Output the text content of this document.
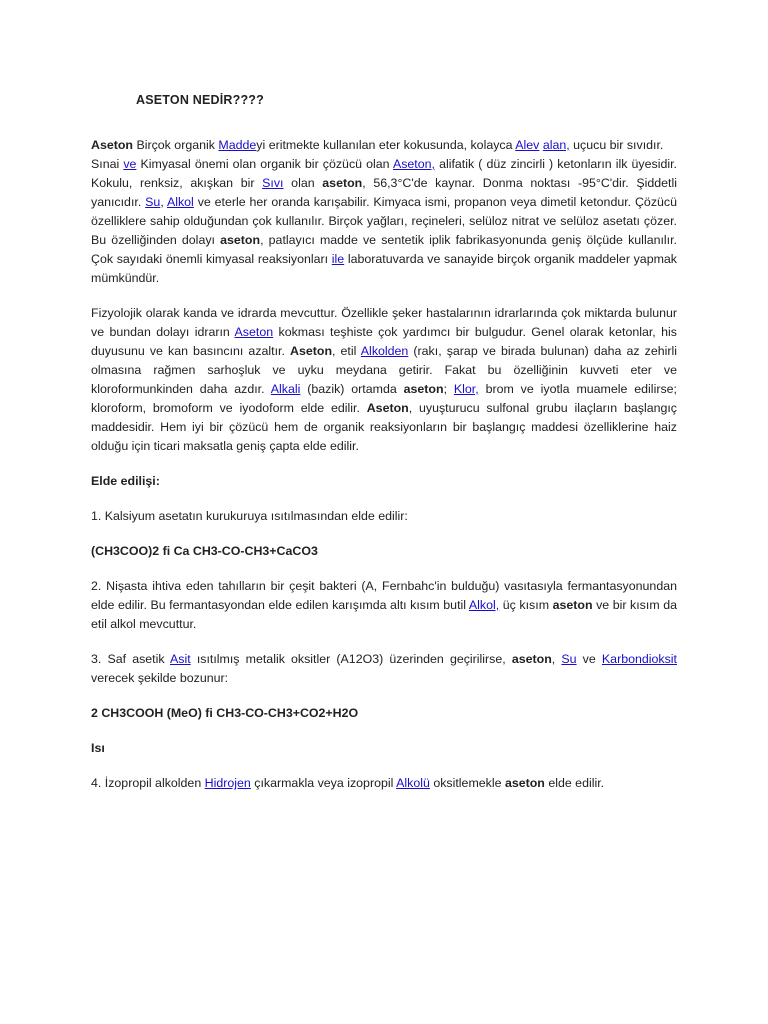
ASETON NEDİR????

Aseton Birçok organik Maddeyi eritmekte kullanılan eter kokusunda, kolayca Alev alan, uçucu bir sıvıdır.

Sınai ve Kimyasal önemi olan organik bir çözücü olan Aseton, alifatik ( düz zincirli ) ketonların ilk üyesidir. Kokulu, renksiz, akışkan bir Sıvı olan aseton, 56,3°C'de kaynar. Donma noktası -95°C'dir. Şiddetli yanıcıdır. Su, Alkol ve eterle her oranda karışabilir. Kimyaca ismi, propanon veya dimetil ketondur. Çözücü özelliklere sahip olduğundan çok kullanılır. Birçok yağları, reçineleri, selüloz nitrat ve selüloz asetatı çözer. Bu özelliğinden dolayı aseton, patlayıcı madde ve sentetik iplik fabrikasyonunda geniş ölçüde kullanılır. Çok sayıdaki önemli kimyasal reaksiyonları ile laboratuvarda ve sanayide birçok organik maddeler yapmak mümkündür.

Fizyolojik olarak kanda ve idrarda mevcuttur. Özellikle şeker hastalarının idrarlarında çok miktarda bulunur ve bundan dolayı idrarın Aseton kokması teşhiste çok yardımcı bir bulgudur. Genel olarak ketonlar, his duyusunu ve kan basıncını azaltır. Aseton, etil Alkolden (rakı, şarap ve birada bulunan) daha az zehirli olmasına rağmen sarhoşluk ve uyku meydana getirir. Fakat bu özelliğinin kuvveti eter ve kloroformunkinden daha azdır. Alkali (bazik) ortamda aseton; Klor, brom ve iyotla muamele edilirse; kloroform, bromoform ve iyodoform elde edilir. Aseton, uyuşturucu sulfonal grubu ilaçların başlangıç maddesidir. Hem iyi bir çözücü hem de organik reaksiyonların bir başlangıç maddesi özelliklerine haiz olduğu için ticari maksatla geniş çapta elde edilir.

Elde edilişi:

1. Kalsiyum asetatın kurukuruya ısıtılmasından elde edilir:

(CH3COO)2 fi Ca CH3-CO-CH3+CaCO3

2. Nişasta ihtiva eden tahılların bir çeşit bakteri (A, Fernbahc'in bulduğu) vasıtasıyla fermantasyonundan elde edilir. Bu fermantasyondan elde edilen karışımda altı kısım butil Alkol, üç kısım aseton ve bir kısım da etil alkol mevcuttur.

3. Saf asetik Asit ısıtılmış metalik oksitler (A12O3) üzerinden geçirilirse, aseton, Su ve Karbondioksit verecek şekilde bozunur:

2 CH3COOH (MeO) fi CH3-CO-CH3+CO2+H2O

Isı

4. İzopropil alkolden Hidrojen çıkarmakla veya izopropil Alkolü oksitlemekle aseton elde edilir.
